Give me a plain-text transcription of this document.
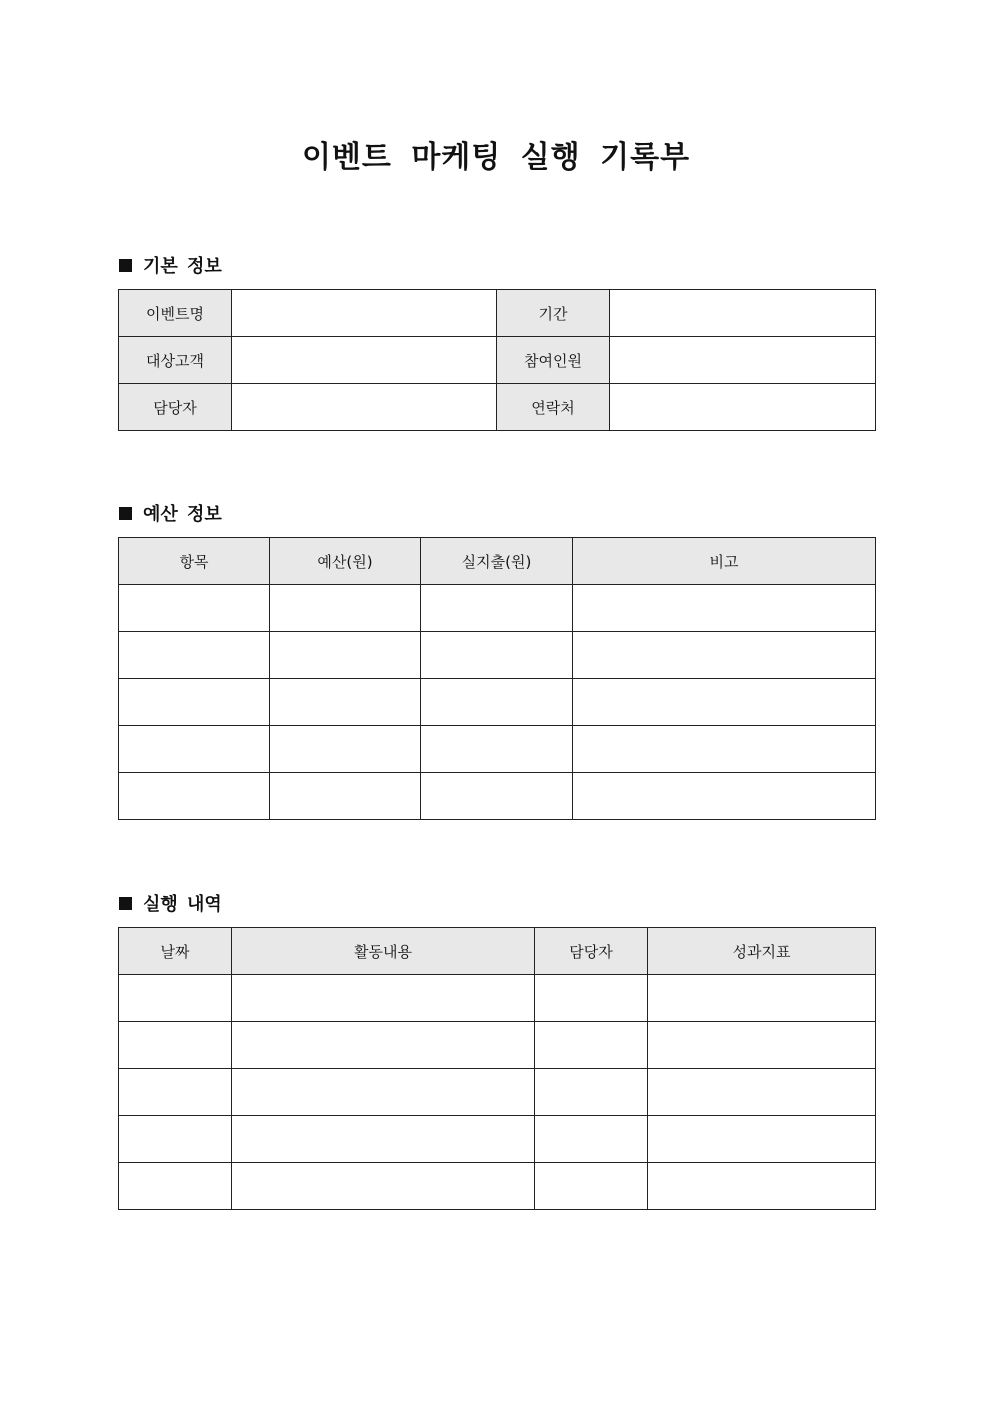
이벤트 마케팅 실행 기록부
기본 정보
이벤트명		기간	
대상고객		참여인원	
담당자		연락처	
예산 정보
항목	예산(원)	실지출(원)	비고

실행 내역
날짜	활동내용	담당자	성과지표
